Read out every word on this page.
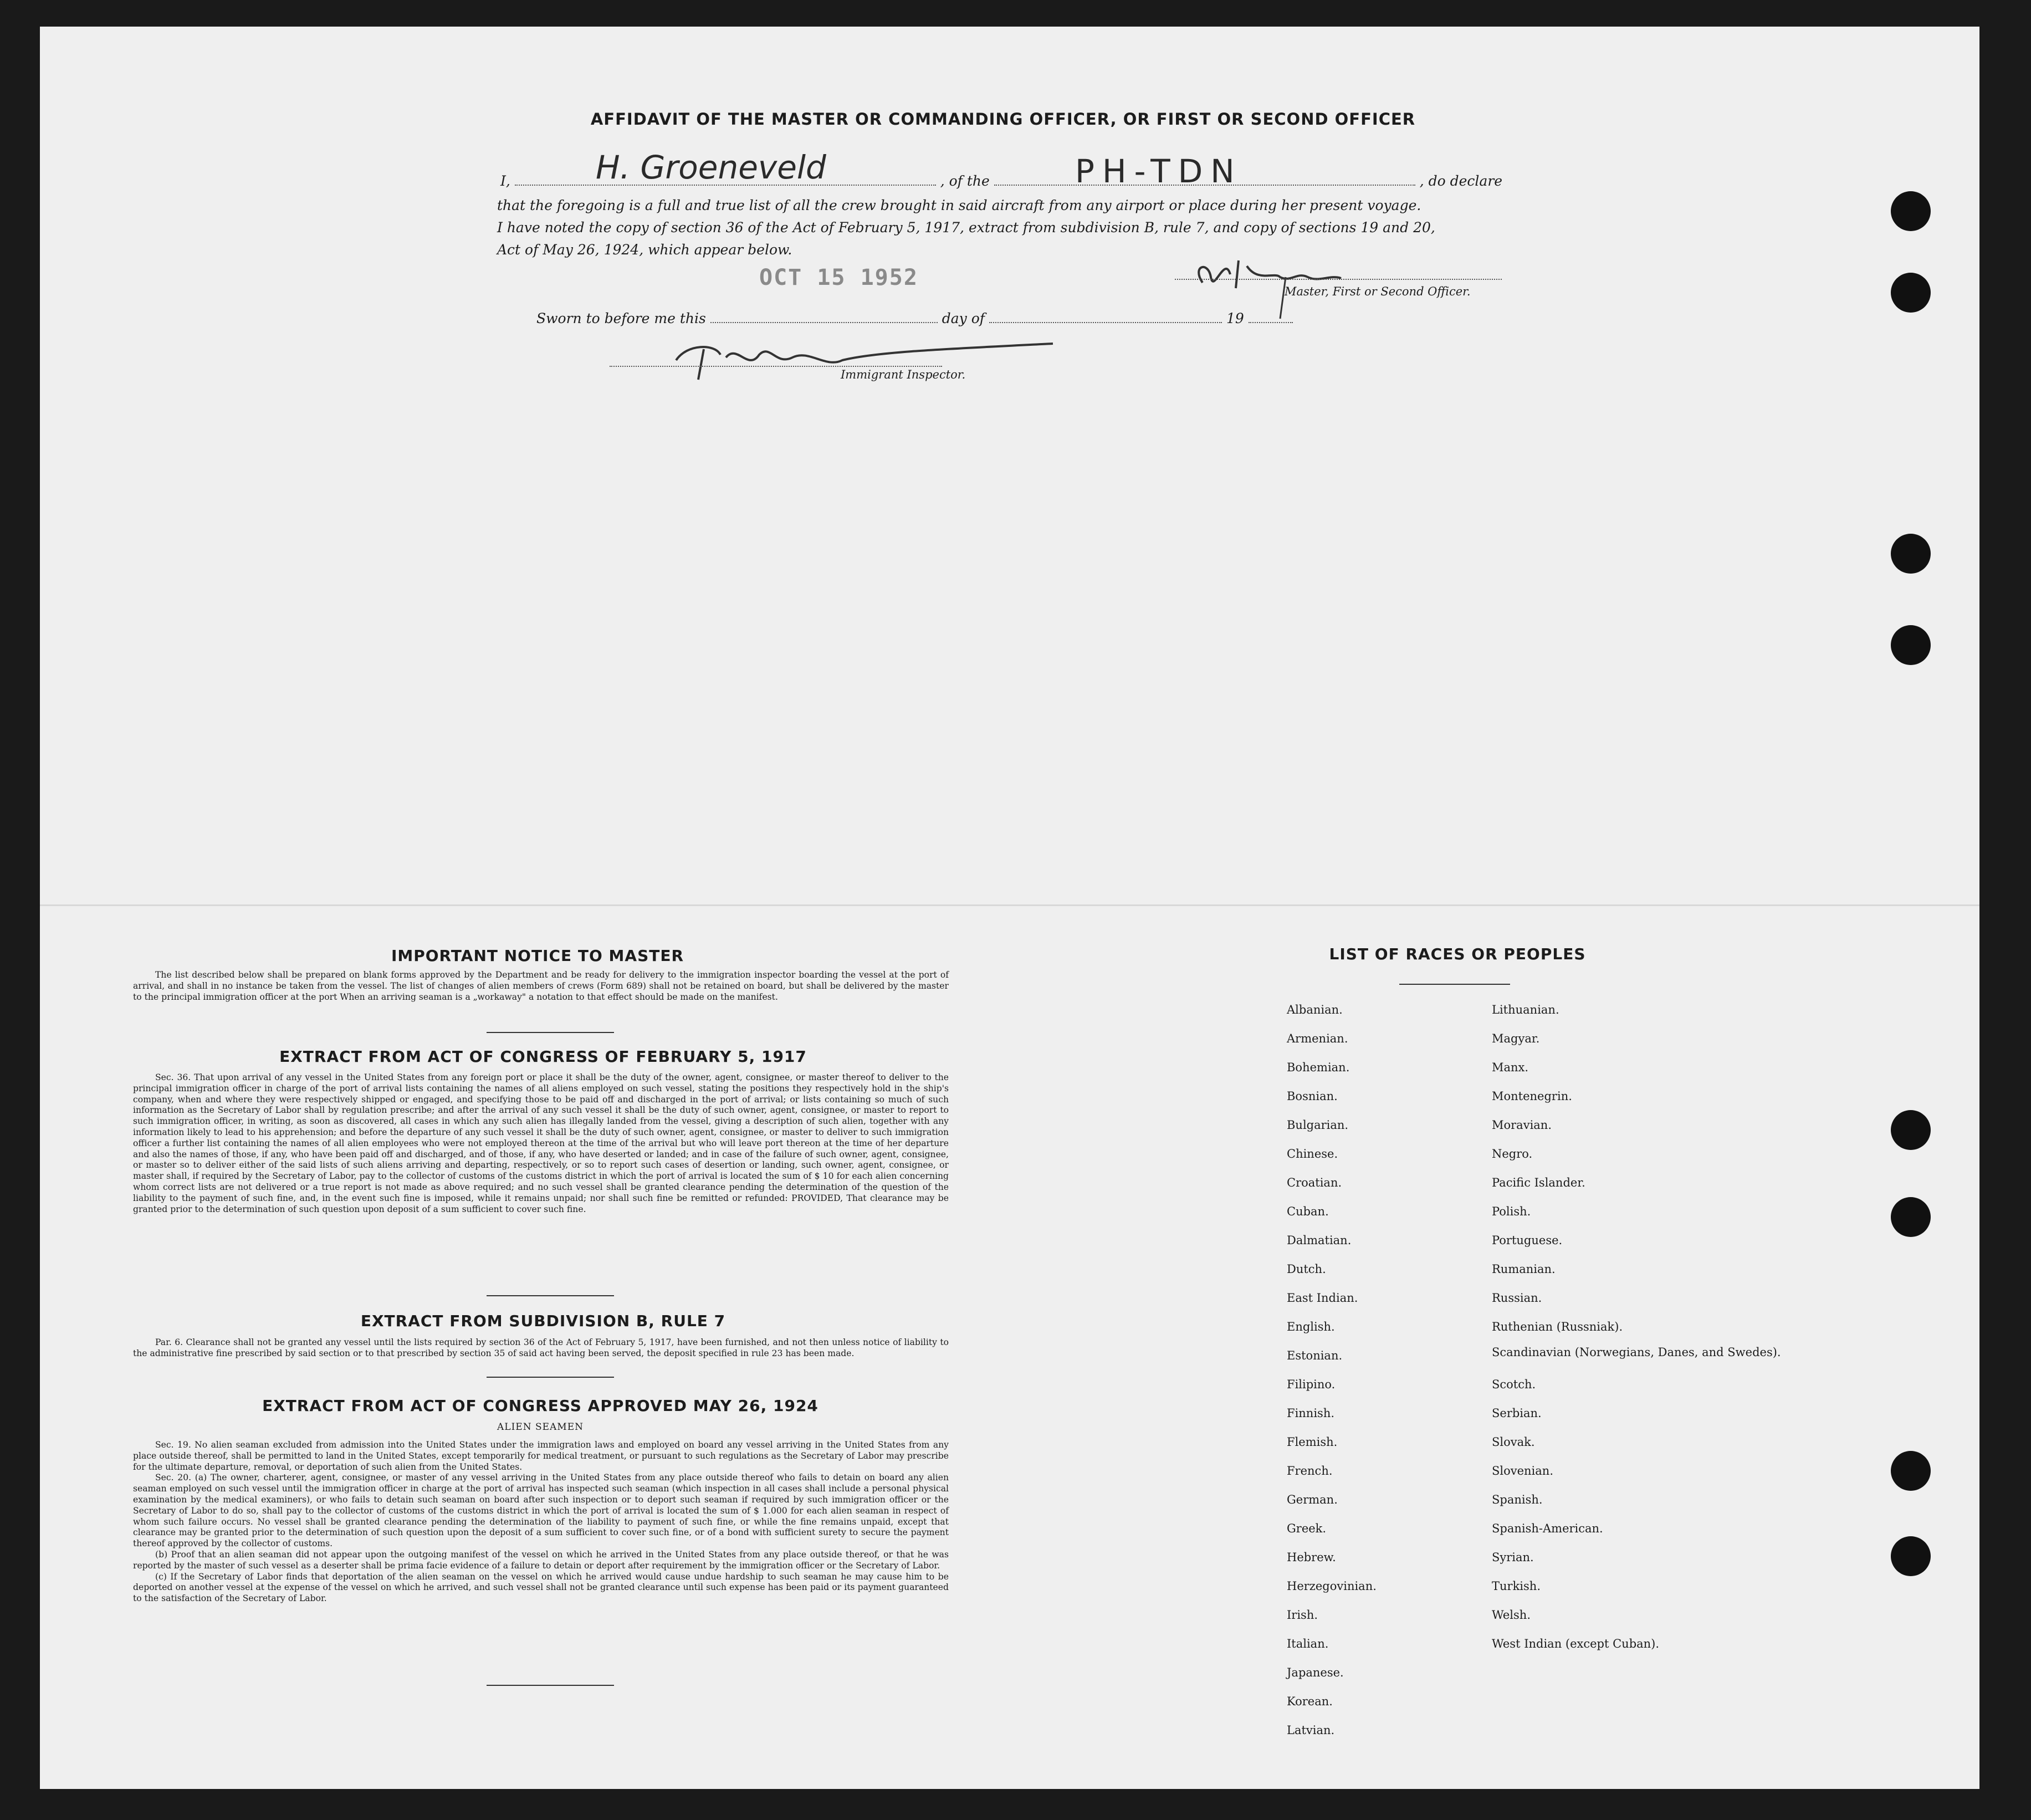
AFFIDAVIT OF THE MASTER OR COMMANDING OFFICER, OR FIRST OR SECOND OFFICER
I,	, of the	, do declare
H. Groeneveld	PH-TDN
that the foregoing is a full and true list of all the crew brought in said aircraft from any airport or place during her present voyage.
I have noted the copy of section 36 of the Act of February 5, 1917, extract from subdivision B, rule 7, and copy of sections 19 and 20,
Act of May 26, 1924, which appear below.
OCT 15 1952
Master, First or Second Officer.
Sworn to before me this	day of	19
Immigrant Inspector.
IMPORTANT NOTICE TO MASTER

The list described below shall be prepared on blank forms approved by the Department and be ready for delivery to the immigration inspector boarding the vessel at the port of arrival, and shall in no instance be taken from the vessel. The list of changes of alien members of crews (Form 689) shall not be retained on board, but shall be delivered by the master to the principal immigration officer at the port When an arriving seaman is a „workaway" a notation to that effect should be made on the manifest.

EXTRACT FROM ACT OF CONGRESS OF FEBRUARY 5, 1917

Sec. 36. That upon arrival of any vessel in the United States from any foreign port or place it shall be the duty of the owner, agent, consignee, or master thereof to deliver to the principal immigration officer in charge of the port of arrival lists containing the names of all aliens employed on such vessel, stating the positions they respectively hold in the ship's company, when and where they were respectively shipped or engaged, and specifying those to be paid off and discharged in the port of arrival; or lists containing so much of such information as the Secretary of Labor shall by regulation prescribe; and after the arrival of any such vessel it shall be the duty of such owner, agent, consignee, or master to report to such immigration officer, in writing, as soon as discovered, all cases in which any such alien has illegally landed from the vessel, giving a description of such alien, together with any information likely to lead to his apprehension; and before the departure of any such vessel it shall be the duty of such owner, agent, consignee, or master to deliver to such immigration officer a further list containing the names of all alien employees who were not employed thereon at the time of the arrival but who will leave port thereon at the time of her departure and also the names of those, if any, who have been paid off and discharged, and of those, if any, who have deserted or landed; and in case of the failure of such owner, agent, consignee, or master so to deliver either of the said lists of such aliens arriving and departing, respectively, or so to report such cases of desertion or landing, such owner, agent, consignee, or master shall, if required by the Secretary of Labor, pay to the collector of customs of the customs district in which the port of arrival is located the sum of $ 10 for each alien concerning whom correct lists are not delivered or a true report is not made as above required; and no such vessel shall be granted clearance pending the determination of the question of the liability to the payment of such fine, and, in the event such fine is imposed, while it remains unpaid; nor shall such fine be remitted or refunded: PROVIDED, That clearance may be granted prior to the determination of such question upon deposit of a sum sufficient to cover such fine.

EXTRACT FROM SUBDIVISION B, RULE 7

Par. 6. Clearance shall not be granted any vessel until the lists required by section 36 of the Act of February 5, 1917, have been furnished, and not then unless notice of liability to the administrative fine prescribed by said section or to that prescribed by section 35 of said act having been served, the deposit specified in rule 23 has been made.

EXTRACT FROM ACT OF CONGRESS APPROVED MAY 26, 1924
ALIEN SEAMEN

Sec. 19. No alien seaman excluded from admission into the United States under the immigration laws and employed on board any vessel arriving in the United States from any place outside thereof, shall be permitted to land in the United States, except temporarily for medical treatment, or pursuant to such regulations as the Secretary of Labor may prescribe for the ultimate departure, removal, or deportation of such alien from the United States.

Sec. 20. (a) The owner, charterer, agent, consignee, or master of any vessel arriving in the United States from any place outside thereof who fails to detain on board any alien seaman employed on such vessel until the immigration officer in charge at the port of arrival has inspected such seaman (which inspection in all cases shall include a personal physical examination by the medical examiners), or who fails to detain such seaman on board after such inspection or to deport such seaman if required by such immigration officer or the Secretary of Labor to do so, shall pay to the collector of customs of the customs district in which the port of arrival is located the sum of $ 1.000 for each alien seaman in respect of whom such failure occurs. No vessel shall be granted clearance pending the determination of the liability to payment of such fine, or while the fine remains unpaid, except that clearance may be granted prior to the determination of such question upon the deposit of a sum sufficient to cover such fine, or of a bond with sufficient surety to secure the payment thereof approved by the collector of customs.

(b) Proof that an alien seaman did not appear upon the outgoing manifest of the vessel on which he arrived in the United States from any place outside thereof, or that he was reported by the master of such vessel as a deserter shall be prima facie evidence of a failure to detain or deport after requirement by the immigration officer or the Secretary of Labor.

(c) If the Secretary of Labor finds that deportation of the alien seaman on the vessel on which he arrived would cause undue hardship to such seaman he may cause him to be deported on another vessel at the expense of the vessel on which he arrived, and such vessel shall not be granted clearance until such expense has been paid or its payment guaranteed to the satisfaction of the Secretary of Labor.

LIST OF RACES OR PEOPLES
Albanian.
Armenian.
Bohemian.
Bosnian.
Bulgarian.
Chinese.
Croatian.
Cuban.
Dalmatian.
Dutch.
East Indian.
English.
Estonian.
Filipino.
Finnish.
Flemish.
French.
German.
Greek.
Hebrew.
Herzegovinian.
Irish.
Italian.
Japanese.
Korean.
Latvian.
Lithuanian.
Magyar.
Manx.
Montenegrin.
Moravian.
Negro.
Pacific Islander.
Polish.
Portuguese.
Rumanian.
Russian.
Ruthenian (Russniak).
Scandinavian (Norwegians, Danes, and Swedes).
Scotch.
Serbian.
Slovak.
Slovenian.
Spanish.
Spanish-American.
Syrian.
Turkish.
Welsh.
West Indian (except Cuban).
